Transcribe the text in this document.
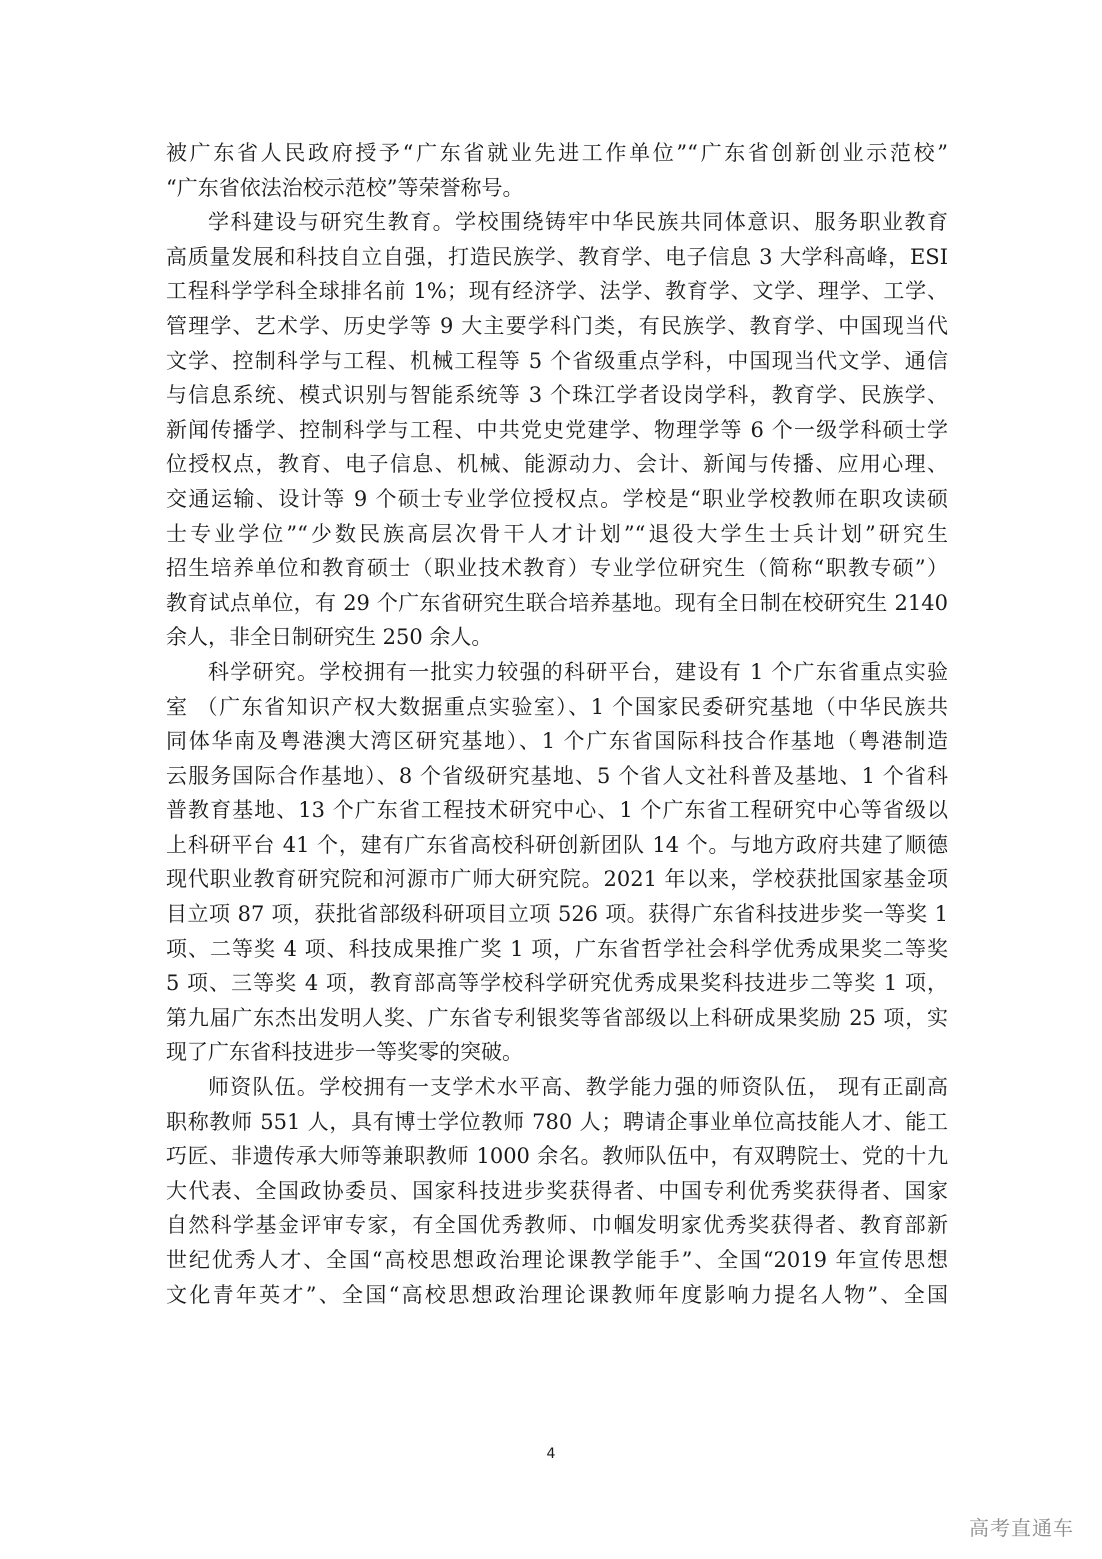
被广东省人民政府授予“广东省就业先进工作单位”“广东省创新创业示范校”
“广东省依法治校示范校”等荣誉称号。
学科建设与研究生教育。学校围绕铸牢中华民族共同体意识、服务职业教育
高质量发展和科技自立自强，打造民族学、教育学、电子信息 3 大学科高峰，ESI
工程科学学科全球排名前 1%；现有经济学、法学、教育学、文学、理学、工学、
管理学、艺术学、历史学等 9 大主要学科门类，有民族学、教育学、中国现当代
文学、控制科学与工程、机械工程等 5 个省级重点学科，中国现当代文学、通信
与信息系统、模式识别与智能系统等 3 个珠江学者设岗学科，教育学、民族学、
新闻传播学、控制科学与工程、中共党史党建学、物理学等 6 个一级学科硕士学
位授权点，教育、电子信息、机械、能源动力、会计、新闻与传播、应用心理、
交通运输、设计等 9 个硕士专业学位授权点。学校是“职业学校教师在职攻读硕
士专业学位”“少数民族高层次骨干人才计划”“退役大学生士兵计划”研究生
招生培养单位和教育硕士（职业技术教育）专业学位研究生（简称“职教专硕”）
教育试点单位，有 29 个广东省研究生联合培养基地。现有全日制在校研究生 2140
余人，非全日制研究生 250 余人。
科学研究。学校拥有一批实力较强的科研平台，建设有 1 个广东省重点实验
室 （广东省知识产权大数据重点实验室）、1 个国家民委研究基地（中华民族共
同体华南及粤港澳大湾区研究基地）、1 个广东省国际科技合作基地（粤港制造
云服务国际合作基地）、8 个省级研究基地、5 个省人文社科普及基地、1 个省科
普教育基地、13 个广东省工程技术研究中心、1 个广东省工程研究中心等省级以
上科研平台 41 个，建有广东省高校科研创新团队 14 个。与地方政府共建了顺德
现代职业教育研究院和河源市广师大研究院。2021 年以来，学校获批国家基金项
目立项 87 项，获批省部级科研项目立项 526 项。获得广东省科技进步奖一等奖 1
项、二等奖 4 项、科技成果推广奖 1 项，广东省哲学社会科学优秀成果奖二等奖
5 项、三等奖 4 项，教育部高等学校科学研究优秀成果奖科技进步二等奖 1 项，
第九届广东杰出发明人奖、广东省专利银奖等省部级以上科研成果奖励 25 项，实
现了广东省科技进步一等奖零的突破。
师资队伍。学校拥有一支学术水平高、教学能力强的师资队伍， 现有正副高
职称教师 551 人，具有博士学位教师 780 人；聘请企事业单位高技能人才、能工
巧匠、非遗传承大师等兼职教师 1000 余名。教师队伍中，有双聘院士、党的十九
大代表、全国政协委员、国家科技进步奖获得者、中国专利优秀奖获得者、国家
自然科学基金评审专家，有全国优秀教师、巾帼发明家优秀奖获得者、教育部新
世纪优秀人才、全国“高校思想政治理论课教学能手”、全国“2019 年宣传思想
文化青年英才”、全国“高校思想政治理论课教师年度影响力提名人物”、全国
4
高考直通车
